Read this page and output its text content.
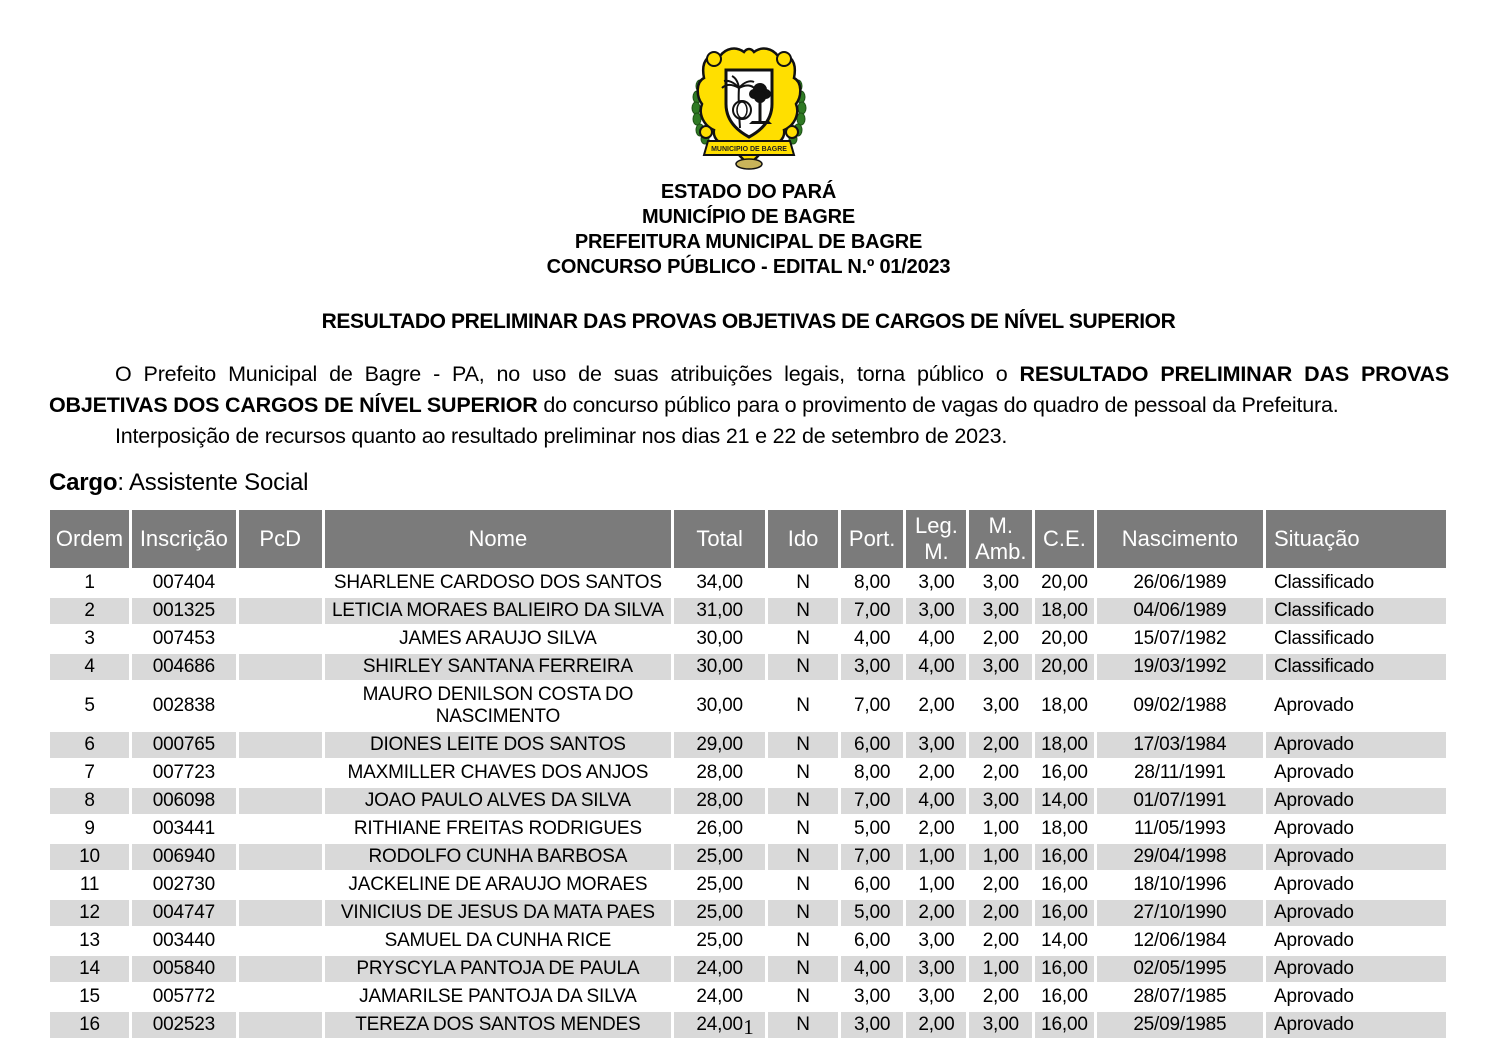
MUNICIPIO DE BAGRE
ESTADO DO PARÁ
MUNICÍPIO DE BAGRE
PREFEITURA MUNICIPAL DE BAGRE
CONCURSO PÚBLICO - EDITAL N.º 01/2023
RESULTADO PRELIMINAR DAS PROVAS OBJETIVAS DE CARGOS DE NÍVEL SUPERIOR

O Prefeito Municipal de Bagre - PA, no uso de suas atribuições legais, torna público o RESULTADO PRELIMINAR DAS PROVAS OBJETIVAS DOS CARGOS DE NÍVEL SUPERIOR do concurso público para o provimento de vagas do quadro de pessoal da Prefeitura.

Interposição de recursos quanto ao resultado preliminar nos dias 21 e 22 de setembro de 2023.

Cargo: Assistente Social
Ordem	Inscrição	PcD	Nome	Total	Ido	Port.	Leg. M.	M. Amb.	C.E.	Nascimento	Situação
1	007404		SHARLENE CARDOSO DOS SANTOS	34,00	N	8,00	3,00	3,00	20,00	26/06/1989	Classificado
2	001325		LETICIA MORAES BALIEIRO DA SILVA	31,00	N	7,00	3,00	3,00	18,00	04/06/1989	Classificado
3	007453		JAMES ARAUJO SILVA	30,00	N	4,00	4,00	2,00	20,00	15/07/1982	Classificado
4	004686		SHIRLEY SANTANA FERREIRA	30,00	N	3,00	4,00	3,00	20,00	19/03/1992	Classificado
5	002838		MAURO DENILSON COSTA DO NASCIMENTO	30,00	N	7,00	2,00	3,00	18,00	09/02/1988	Aprovado
6	000765		DIONES LEITE DOS SANTOS	29,00	N	6,00	3,00	2,00	18,00	17/03/1984	Aprovado
7	007723		MAXMILLER CHAVES DOS ANJOS	28,00	N	8,00	2,00	2,00	16,00	28/11/1991	Aprovado
8	006098		JOAO PAULO ALVES DA SILVA	28,00	N	7,00	4,00	3,00	14,00	01/07/1991	Aprovado
9	003441		RITHIANE FREITAS RODRIGUES	26,00	N	5,00	2,00	1,00	18,00	11/05/1993	Aprovado
10	006940		RODOLFO CUNHA BARBOSA	25,00	N	7,00	1,00	1,00	16,00	29/04/1998	Aprovado
11	002730		JACKELINE DE ARAUJO MORAES	25,00	N	6,00	1,00	2,00	16,00	18/10/1996	Aprovado
12	004747		VINICIUS DE JESUS DA MATA PAES	25,00	N	5,00	2,00	2,00	16,00	27/10/1990	Aprovado
13	003440		SAMUEL DA CUNHA RICE	25,00	N	6,00	3,00	2,00	14,00	12/06/1984	Aprovado
14	005840		PRYSCYLA PANTOJA DE PAULA	24,00	N	4,00	3,00	1,00	16,00	02/05/1995	Aprovado
15	005772		JAMARILSE PANTOJA DA SILVA	24,00	N	3,00	3,00	2,00	16,00	28/07/1985	Aprovado
16	002523		TEREZA DOS SANTOS MENDES	24,00	N	3,00	2,00	3,00	16,00	25/09/1985	Aprovado
1
